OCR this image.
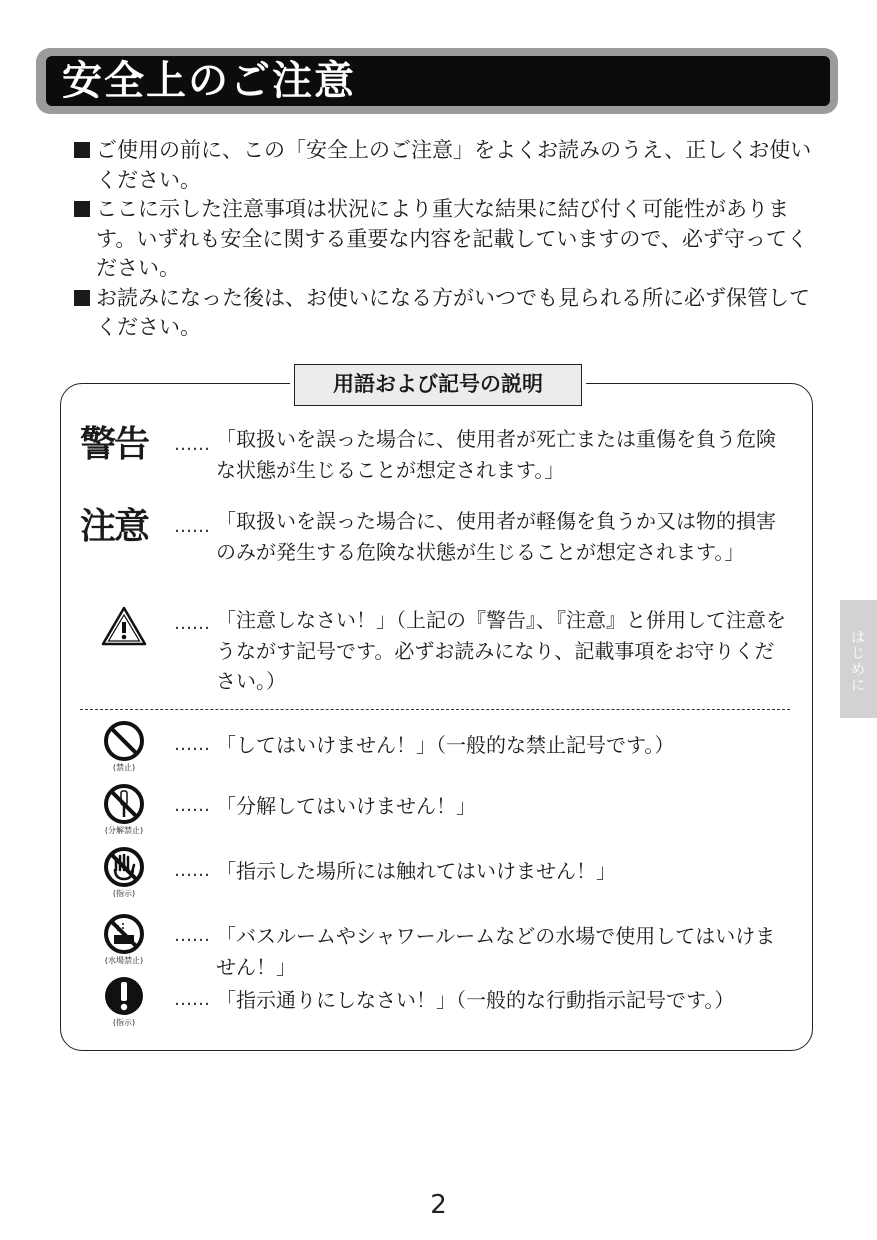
安全上のご注意
ご使用の前に、この「安全上のご注意」をよくお読みのうえ、正しくお使いください。
ここに示した注意事項は状況により重大な結果に結び付く可能性があります。いずれも安全に関する重要な内容を記載していますので、必ず守ってください。
お読みになった後は、お使いになる方がいつでも見られる所に必ず保管してください。
用語および記号の説明
警告	…… 「取扱いを誤った場合に、使用者が死亡または重傷を負う危険な状態が生じることが想定されます。」
注意	…… 「取扱いを誤った場合に、使用者が軽傷を負うか又は物的損害のみが発生する危険な状態が生じることが想定されます。」
…… 「注意しなさい！」（上記の『警告』、『注意』と併用して注意をうながす記号です。必ずお読みになり、記載事項をお守りください。）
(禁止)
…… 「してはいけません！」（一般的な禁止記号です。）
(分解禁止)
…… 「分解してはいけません！」
(指示)
…… 「指示した場所には触れてはいけません！」
(水場禁止)
…… 「バスルームやシャワールームなどの水場で使用してはいけません！」
(指示)
…… 「指示通りにしなさい！」（一般的な行動指示記号です。）
はじめに
2
